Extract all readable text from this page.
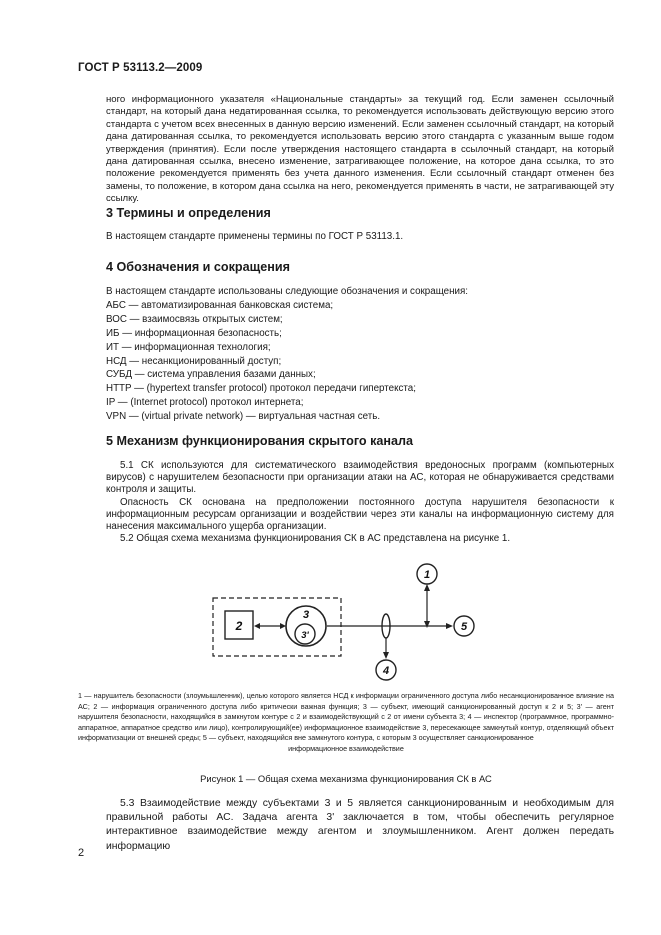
ГОСТ Р 53113.2—2009

ного информационного указателя «Национальные стандарты» за текущий год. Если заменен ссылочный стандарт, на который дана недатированная ссылка, то рекомендуется использовать действующую версию этого стандарта с учетом всех внесенных в данную версию изменений. Если заменен ссылочный стандарт, на который дана датированная ссылка, то рекомендуется использовать версию этого стандарта с указанным выше годом утверждения (принятия). Если после утверждения настоящего стандарта в ссылочный стандарт, на который дана датированная ссылка, внесено изменение, затрагивающее положение, на которое дана ссылка, то это положение рекомендуется применять без учета данного изменения. Если ссылочный стандарт отменен без замены, то положение, в котором дана ссылка на него, рекомендуется применять в части, не затрагивающей эту ссылку.

3 Термины и определения

В настоящем стандарте применены термины по ГОСТ Р 53113.1.

4 Обозначения и сокращения
В настоящем стандарте использованы следующие обозначения и сокращения:
АБС — автоматизированная банковская система;
ВОС — взаимосвязь открытых систем;
ИБ — информационная безопасность;
ИТ — информационная технология;
НСД — несанкционированный доступ;
СУБД — система управления базами данных;
HTTP — (hypertext transfer protocol) протокол передачи гипертекста;
IP — (Internet protocol) протокол интернета;
VPN — (virtual private network) — виртуальная частная сеть.
5 Механизм функционирования скрытого канала

5.1 СК используются для систематического взаимодействия вредоносных программ (компьютерных вирусов) с нарушителем безопасности при организации атаки на АС, которая не обнаруживается средствами контроля и защиты.

Опасность СК основана на предположении постоянного доступа нарушителя безопасности к информационным ресурсам организации и воздействии через эти каналы на информационную систему для нанесения максимального ущерба организации.

5.2 Общая схема механизма функционирования СК в АС представлена на рисунке 1.

2
3
3'
4
1
5

1 — нарушитель безопасности (злоумышленник), целью которого является НСД к информации ограниченного доступа либо несанкционированное влияние на АС; 2 — информация ограниченного доступа либо критически важная функция; 3 — субъект, имеющий санкционированный доступ к 2 и 5; 3' — агент нарушителя безопасности, находящийся в замкнутом контуре с 2 и взаимодействующий с 2 от имени субъекта 3; 4 — инспектор (программное, программно-аппаратное, аппаратное средство или лицо), контролирующий(ее) информационное взаимодействие 3, пересекающее замкнутый контур, отделяющий объект информатизации от внешней среды; 5 — субъект, находящийся вне замкнутого контура, с которым 3 осуществляет санкционированное

информационное взаимодействие

Рисунок 1 — Общая схема механизма функционирования СК в АС

5.3 Взаимодействие между субъектами 3 и 5 является санкционированным и необходимым для правильной работы АС. Задача агента 3' заключается в том, чтобы обеспечить регулярное интерактивное взаимодействие между агентом и злоумышленником. Агент должен передать информацию

2
